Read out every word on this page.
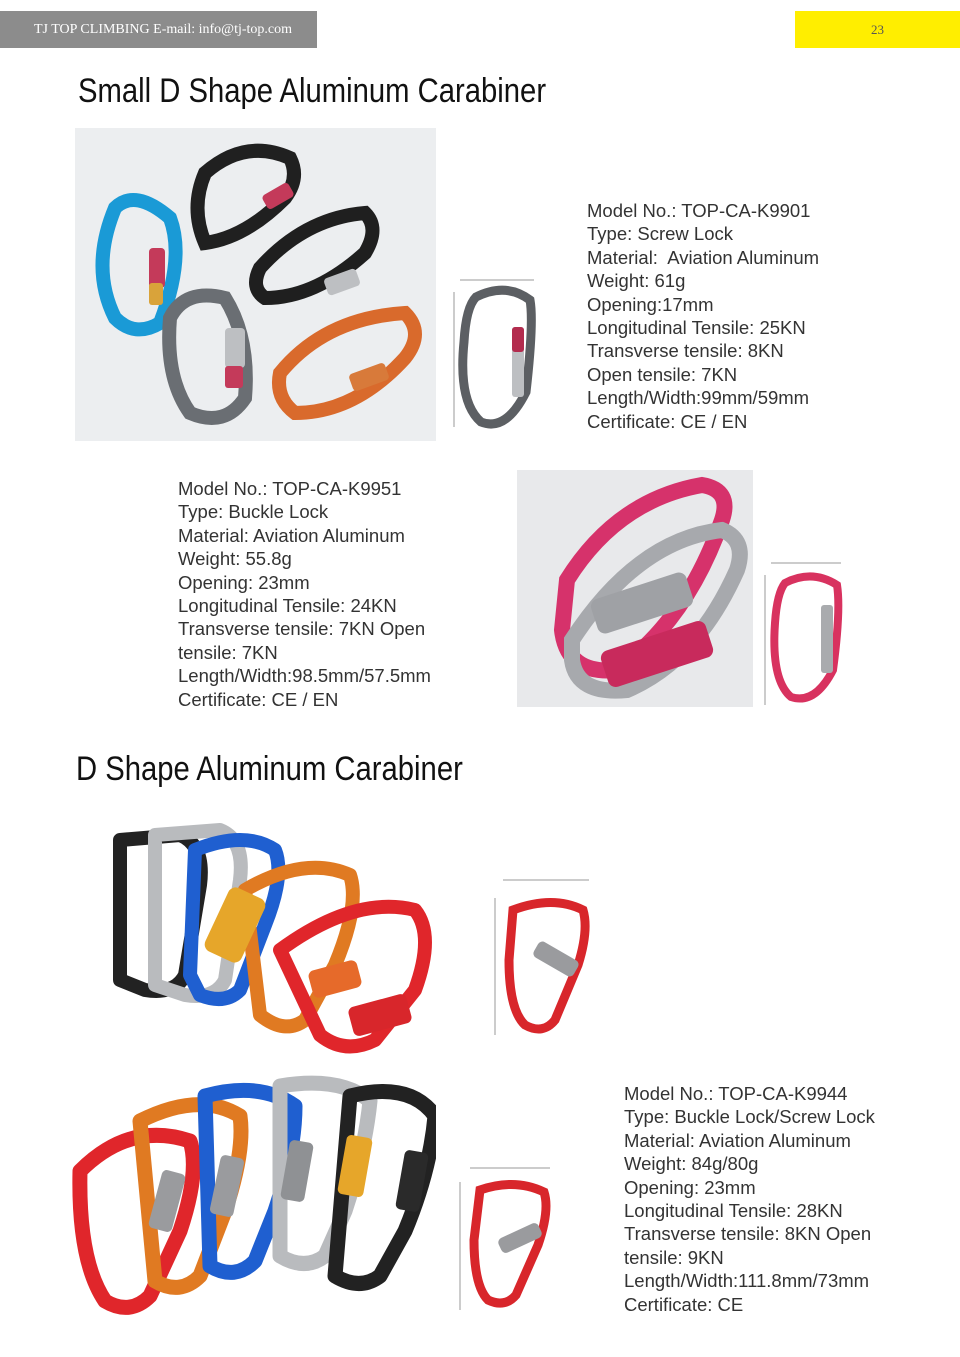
TJ TOP CLIMBING E-mail: info@tj-top.com	23
Small D Shape Aluminum Carabiner
Model No.: TOP-CA-K9901
Type: Screw Lock
Material:  Aviation Aluminum
Weight: 61g
Opening:17mm
Longitudinal Tensile: 25KN
Transverse tensile: 8KN
Open tensile: 7KN
Length/Width:99mm/59mm
Certificate: CE / EN
Model No.: TOP-CA-K9951
Type: Buckle Lock
Material: Aviation Aluminum
Weight: 55.8g
Opening: 23mm
Longitudinal Tensile: 24KN
Transverse tensile: 7KN Open
tensile: 7KN
Length/Width:98.5mm/57.5mm
Certificate: CE / EN
D Shape Aluminum Carabiner
Model No.: TOP-CA-K9944
Type: Buckle Lock/Screw Lock
Material: Aviation Aluminum
Weight: 84g/80g
Opening: 23mm
Longitudinal Tensile: 28KN
Transverse tensile: 8KN Open
tensile: 9KN
Length/Width:111.8mm/73mm
Certificate: CE
